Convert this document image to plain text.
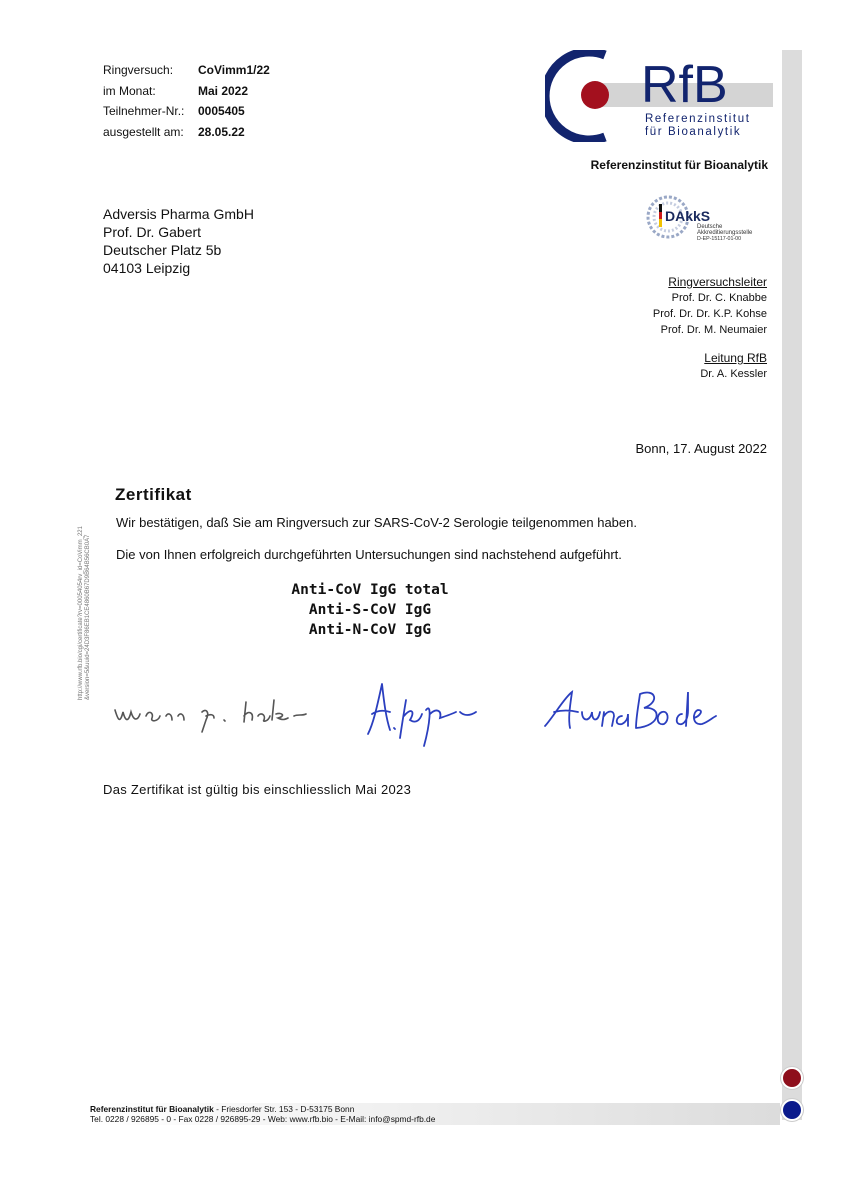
Ringversuch:	CoVimm1/22
im Monat:	Mai 2022
Teilnehmer-Nr.:	0005405
ausgestellt am:	28.05.22
RfB
Referenzinstitut
für Bioanalytik
Referenzinstitut für Bioanalytik
Adversis Pharma GmbH
Prof. Dr. Gabert
Deutscher Platz 5b
04103 Leipzig
DAkkS
Deutsche
Akkreditierungsstelle
D-EP-15117-01-00
Ringversuchsleiter
Prof. Dr. C. Knabbe
Prof. Dr. Dr. K.P. Kohse
Prof. Dr. M. Neumaier
Leitung RfB
Dr. A. Kessler
Bonn, 17. August 2022
Zertifikat
Wir bestätigen, daß Sie am Ringversuch zur SARS-CoV-2 Serologie teilgenommen haben.
Die von Ihnen erfolgreich durchgeführten Untersuchungen sind nachstehend aufgeführt.
Anti-CoV IgG total
Anti-S-CoV IgG
Anti-N-CoV IgG
http://www.rfb.bio/cgi/certificate?rv=00054054rv_id=CoVimm_221 &version=5&uuid=24D3F86EB1CE4860B67D9B64B56CB0A7
Das Zertifikat ist gültig bis einschliesslich Mai 2023
Referenzinstitut für Bioanalytik - Friesdorfer Str. 153 - D-53175 Bonn
Tel. 0228 / 926895 - 0 - Fax 0228 / 926895-29 - Web: www.rfb.bio - E-Mail: info@spmd-rfb.de
